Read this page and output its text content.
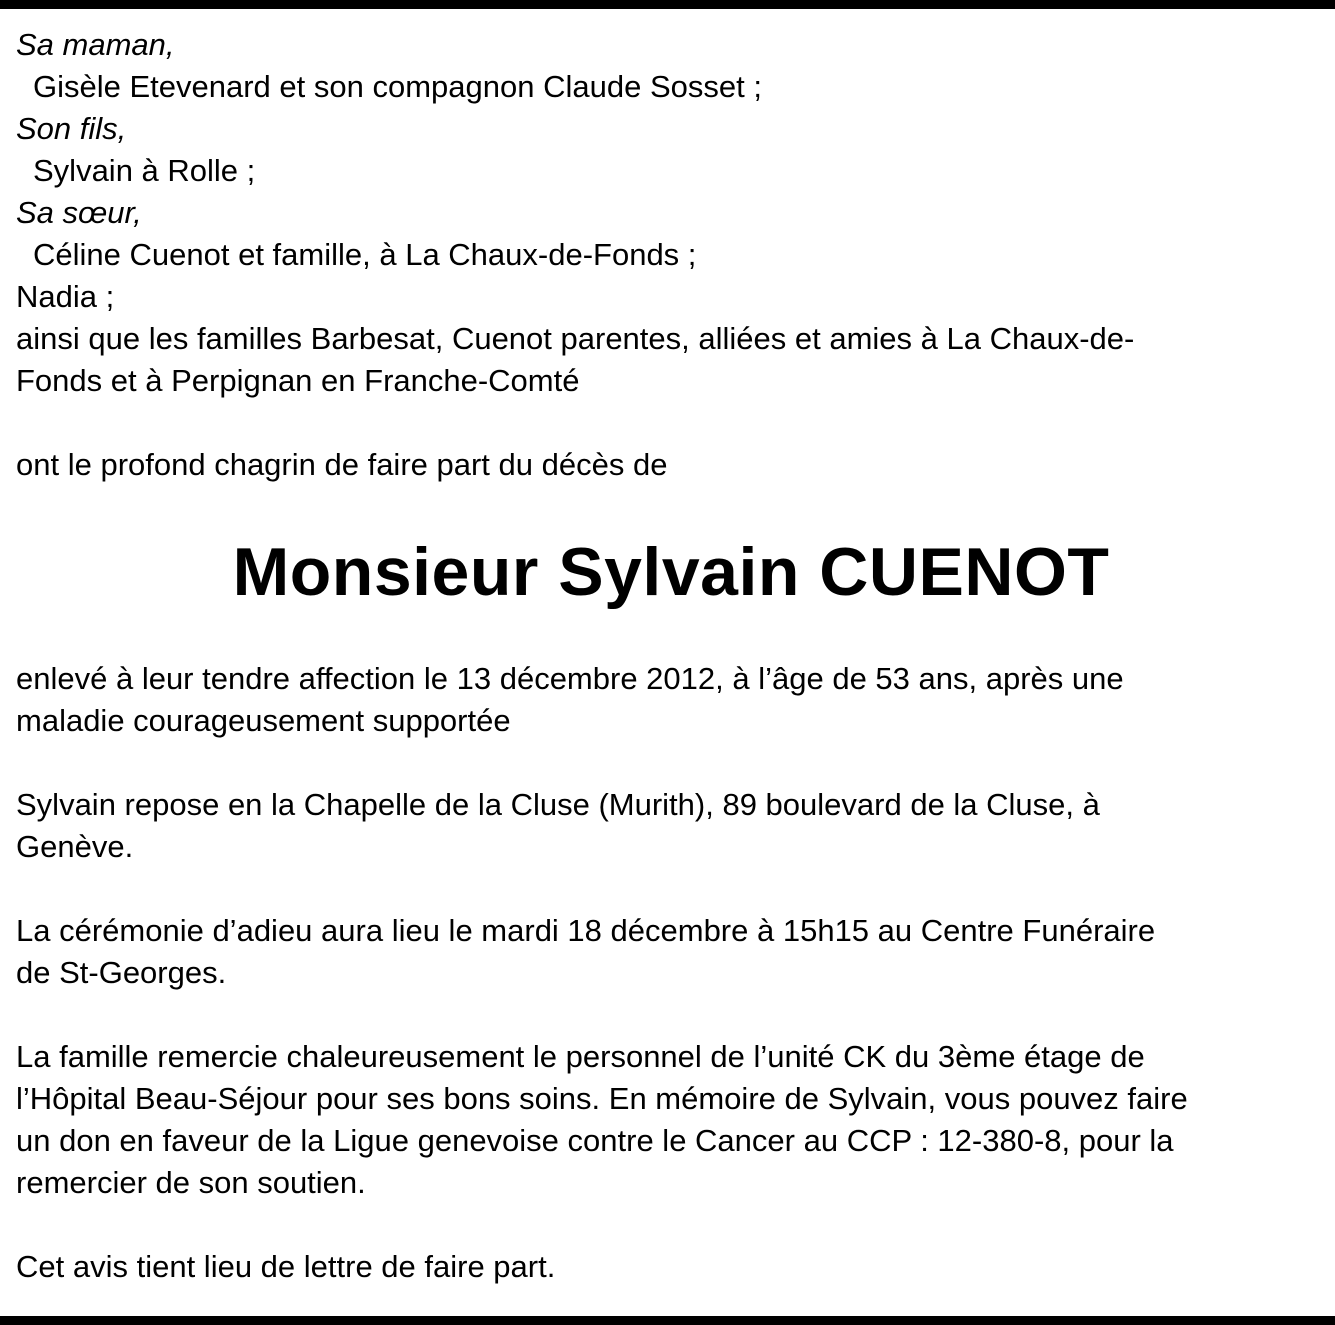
Sa maman,
Gisèle Etevenard et son compagnon Claude Sosset ;
Son fils,
Sylvain à Rolle ;
Sa sœur,
Céline Cuenot et famille, à La Chaux-de-Fonds ;
Nadia ;
ainsi que les familles Barbesat, Cuenot parentes, alliées et amies à La Chaux-de-
Fonds et à Perpignan en Franche-Comté
ont le profond chagrin de faire part du décès de
Monsieur Sylvain CUENOT
enlevé à leur tendre affection le 13 décembre 2012, à l’âge de 53 ans, après une
maladie courageusement supportée
Sylvain repose en la Chapelle de la Cluse (Murith), 89 boulevard de la Cluse, à
Genève.
La cérémonie d’adieu aura lieu le mardi 18 décembre à 15h15 au Centre Funéraire
de St-Georges.
La famille remercie chaleureusement le personnel de l’unité CK du 3ème étage de
l’Hôpital Beau-Séjour pour ses bons soins. En mémoire de Sylvain, vous pouvez faire
un don en faveur de la Ligue genevoise contre le Cancer au CCP : 12-380-8, pour la
remercier de son soutien.
Cet avis tient lieu de lettre de faire part.
